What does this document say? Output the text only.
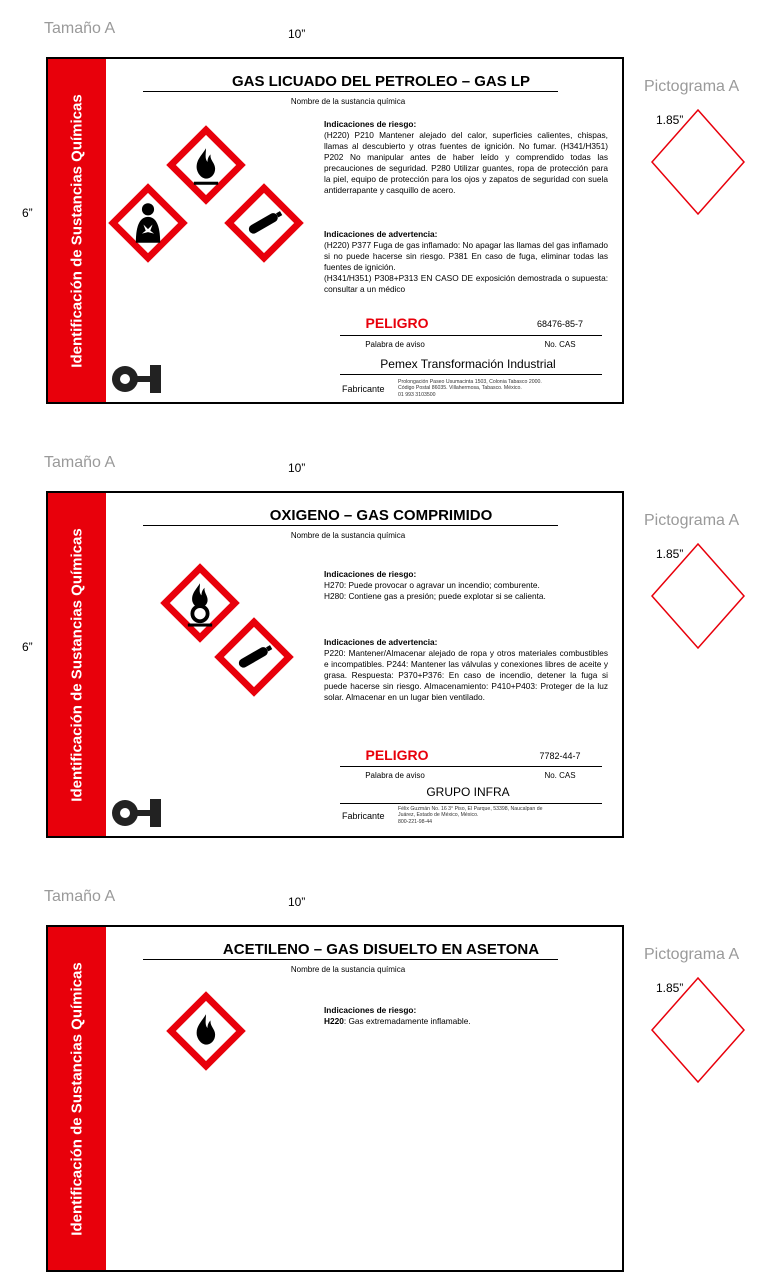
Tamaño A	10”
6”
Pictograma A
1.85”
Identificación de Sustancias Químicas
GAS LICUADO DEL PETROLEO – GAS LP
Nombre de la sustancia química
Indicaciones de riesgo:
(H220) P210 Mantener alejado del calor, superficies calientes, chispas, llamas al descubierto y otras fuentes de ignición. No fumar. (H341/H351) P202 No manipular antes de haber leído y comprendido todas las precauciones de seguridad. P280 Utilizar guantes, ropa de protección para la piel, equipo de protección para los ojos y zapatos de seguridad con suela antiderrapante y casquillo de acero.
Indicaciones de advertencia:
(H220) P377 Fuga de gas inflamado: No apagar las llamas del gas inflamado si no puede hacerse sin riesgo. P381 En caso de fuga, eliminar todas las fuentes de ignición.
(H341/H351) P308+P313 EN CASO DE exposición demostrada o supuesta: consultar a un médico
PELIGRO	68476-85-7
Palabra de aviso	No. CAS
Pemex Transformación Industrial
Fabricante
Prolongación Paseo Usumacinta 1503, Colonia Tabasco 2000.
Código Postal 86035. Villahermosa, Tabasco. México.
01 993 3103500
Tamaño A	10”
6”
Pictograma A
1.85”
Identificación de Sustancias Químicas
OXIGENO – GAS COMPRIMIDO
Nombre de la sustancia química
Indicaciones de riesgo:
H270: Puede provocar o agravar un incendio; comburente.
H280: Contiene gas a presión; puede explotar si se calienta.
Indicaciones de advertencia:
P220: Mantener/Almacenar alejado de ropa y otros materiales combustibles e incompatibles. P244: Mantener las válvulas y conexiones libres de aceite y grasa. Respuesta: P370+P376: En caso de incendio, detener la fuga si puede hacerse sin riesgo. Almacenamiento: P410+P403: Proteger de la luz solar. Almacenar en un lugar bien ventilado.
PELIGRO	7782-44-7
Palabra de aviso	No. CAS
GRUPO INFRA
Fabricante
Félix Guzmán No. 16 3° Piso, El Parque, 53398, Naucalpan de
Juárez, Estado de México, México.
800-221-98-44
Tamaño A	10”
Pictograma A
1.85”
Identificación de Sustancias Químicas
ACETILENO – GAS DISUELTO EN ASETONA
Nombre de la sustancia química
Indicaciones de riesgo:
H220: Gas extremadamente inflamable.
